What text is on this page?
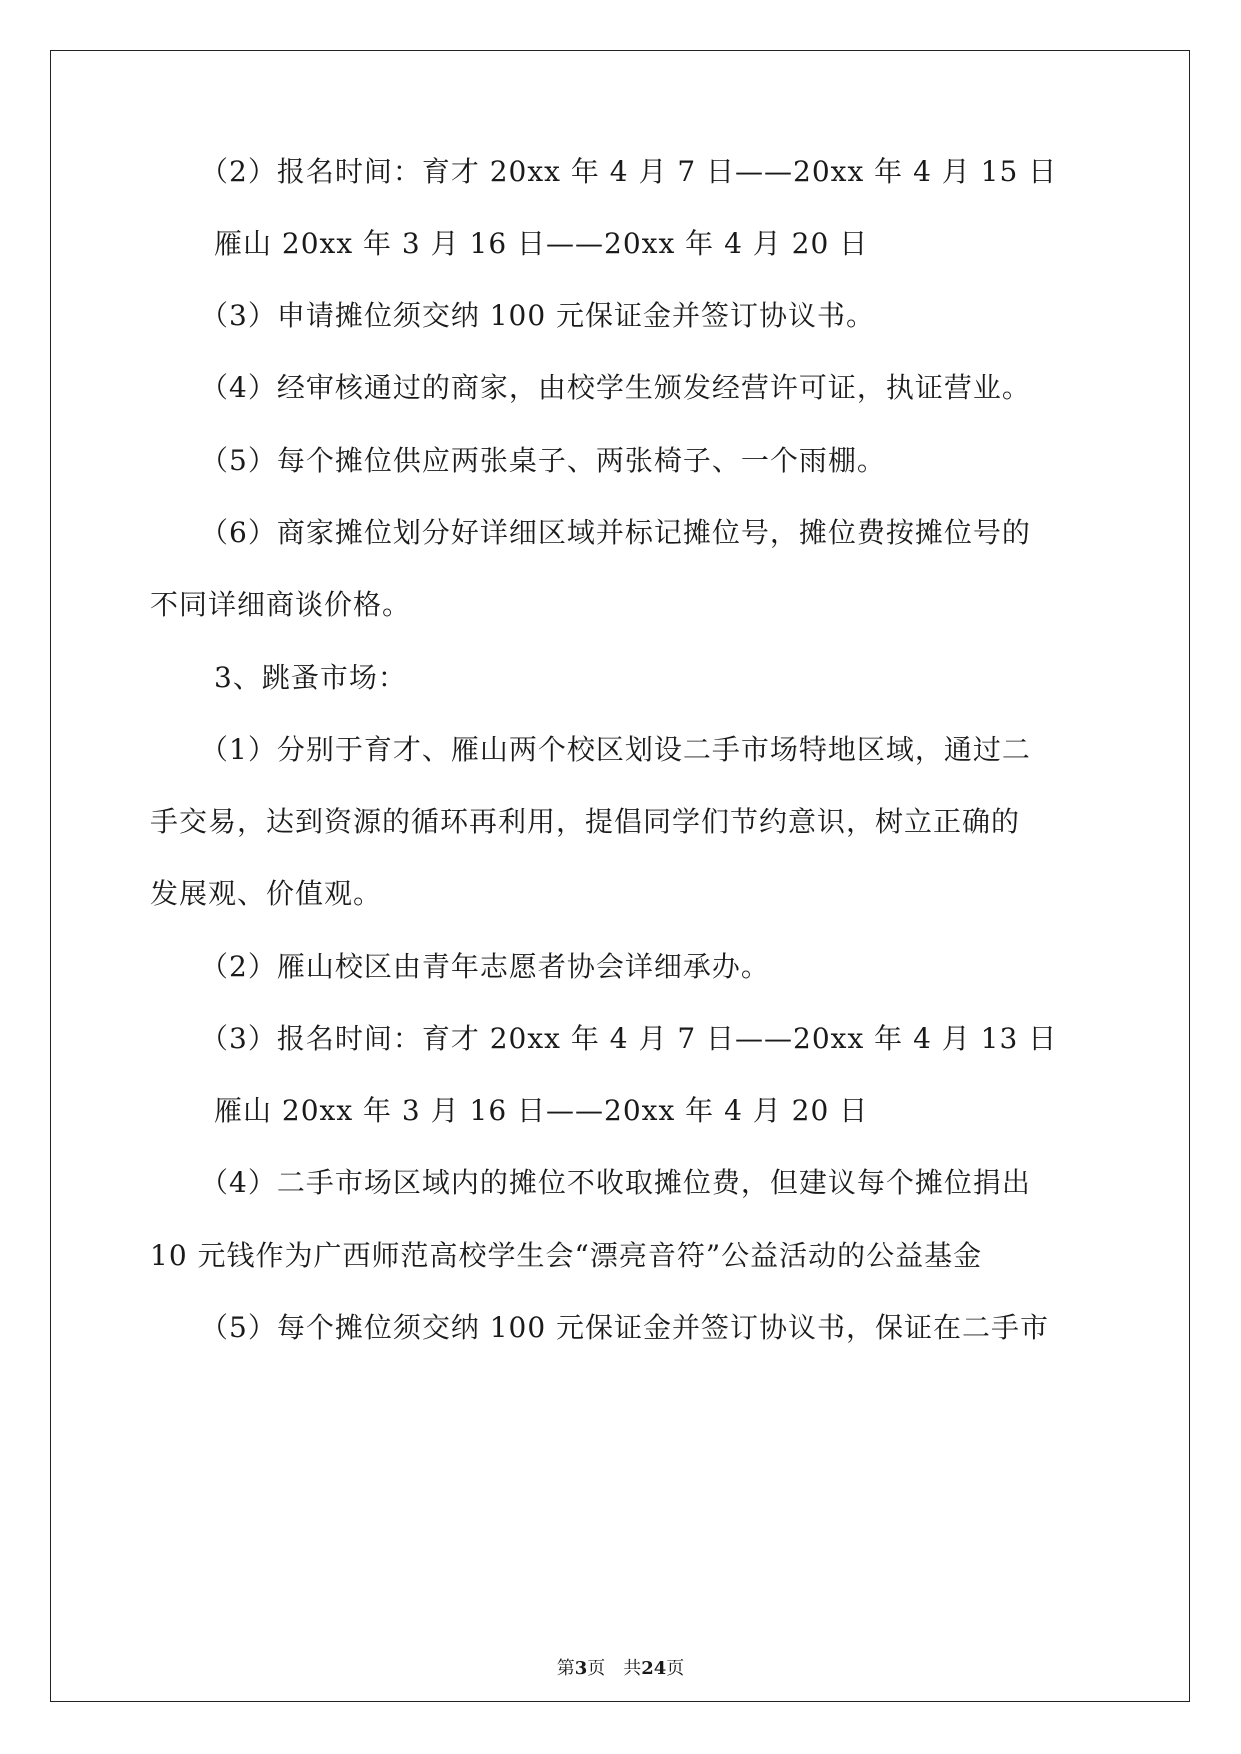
（2）报名时间：育才 20xx 年 4 月 7 日——20xx 年 4 月 15 日
雁山 20xx 年 3 月 16 日——20xx 年 4 月 20 日
（3）申请摊位须交纳 100 元保证金并签订协议书。
（4）经审核通过的商家，由校学生颁发经营许可证，执证营业。
（5）每个摊位供应两张桌子、两张椅子、一个雨棚。
（6）商家摊位划分好详细区域并标记摊位号，摊位费按摊位号的
不同详细商谈价格。
3、跳蚤市场：
（1）分别于育才、雁山两个校区划设二手市场特地区域，通过二
手交易，达到资源的循环再利用，提倡同学们节约意识，树立正确的
发展观、价值观。
（2）雁山校区由青年志愿者协会详细承办。
（3）报名时间：育才 20xx 年 4 月 7 日——20xx 年 4 月 13 日
雁山 20xx 年 3 月 16 日——20xx 年 4 月 20 日
（4）二手市场区域内的摊位不收取摊位费，但建议每个摊位捐出
10 元钱作为广西师范高校学生会“漂亮音符”公益活动的公益基金
（5）每个摊位须交纳 100 元保证金并签订协议书，保证在二手市
第3页 共24页
